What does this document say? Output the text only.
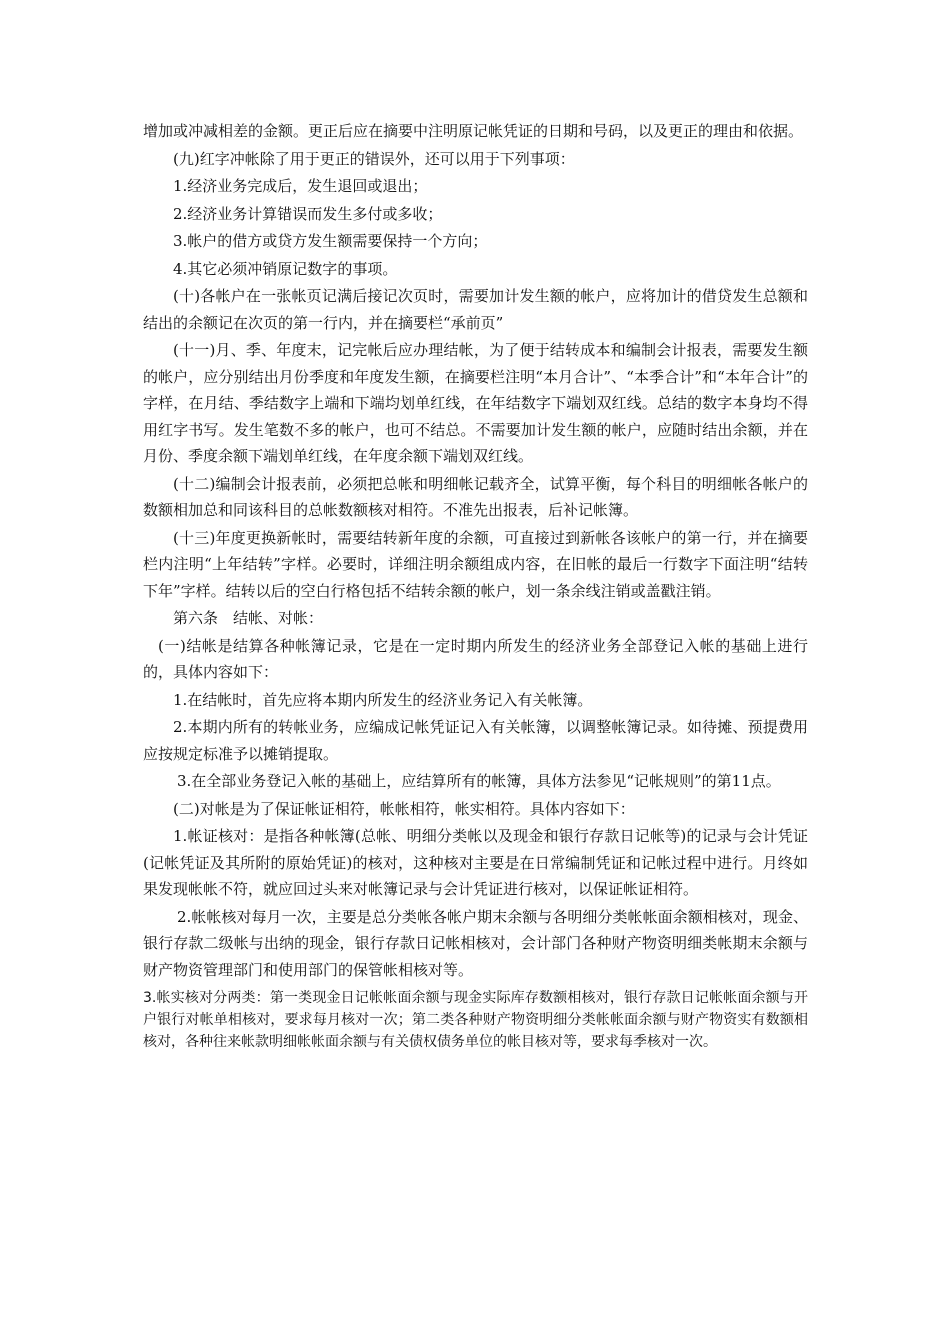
增加或冲减相差的金额。更正后应在摘要中注明原记帐凭证的日期和号码，以及更正的理由和依据。

(九)红字冲帐除了用于更正的错误外，还可以用于下列事项：

1.经济业务完成后，发生退回或退出；

2.经济业务计算错误而发生多付或多收；

3.帐户的借方或贷方发生额需要保持一个方向；

4.其它必须冲销原记数字的事项。

(十)各帐户在一张帐页记满后接记次页时，需要加计发生额的帐户，应将加计的借贷发生总额和结出的余额记在次页的第一行内，并在摘要栏“承前页”

(十一)月、季、年度末，记完帐后应办理结帐，为了便于结转成本和编制会计报表，需要发生额的帐户，应分别结出月份季度和年度发生额，在摘要栏注明“本月合计”、“本季合计”和“本年合计”的字样，在月结、季结数字上端和下端均划单红线，在年结数字下端划双红线。总结的数字本身均不得用红字书写。发生笔数不多的帐户，也可不结总。不需要加计发生额的帐户，应随时结出余额，并在月份、季度余额下端划单红线，在年度余额下端划双红线。

(十二)编制会计报表前，必须把总帐和明细帐记载齐全，试算平衡，每个科目的明细帐各帐户的数额相加总和同该科目的总帐数额核对相符。不准先出报表，后补记帐簿。

(十三)年度更换新帐时，需要结转新年度的余额，可直接过到新帐各该帐户的第一行，并在摘要栏内注明“上年结转”字样。必要时，详细注明余额组成内容，在旧帐的最后一行数字下面注明“结转下年”字样。结转以后的空白行格包括不结转余额的帐户，划一条余线注销或盖戳注销。

第六条　结帐、对帐：

(一)结帐是结算各种帐簿记录，它是在一定时期内所发生的经济业务全部登记入帐的基础上进行的，具体内容如下：

1.在结帐时，首先应将本期内所发生的经济业务记入有关帐簿。

2.本期内所有的转帐业务，应编成记帐凭证记入有关帐簿，以调整帐簿记录。如待摊、预提费用应按规定标准予以摊销提取。

3.在全部业务登记入帐的基础上，应结算所有的帐簿，具体方法参见“记帐规则”的第11点。

(二)对帐是为了保证帐证相符，帐帐相符，帐实相符。具体内容如下：

1.帐证核对：是指各种帐簿(总帐、明细分类帐以及现金和银行存款日记帐等)的记录与会计凭证(记帐凭证及其所附的原始凭证)的核对，这种核对主要是在日常编制凭证和记帐过程中进行。月终如果发现帐帐不符，就应回过头来对帐簿记录与会计凭证进行核对，以保证帐证相符。

2.帐帐核对每月一次，主要是总分类帐各帐户期末余额与各明细分类帐帐面余额相核对，现金、银行存款二级帐与出纳的现金，银行存款日记帐相核对，会计部门各种财产物资明细类帐期末余额与财产物资管理部门和使用部门的保管帐相核对等。

3.帐实核对分两类：第一类现金日记帐帐面余额与现金实际库存数额相核对，银行存款日记帐帐面余额与开户银行对帐单相核对，要求每月核对一次；第二类各种财产物资明细分类帐帐面余额与财产物资实有数额相核对，各种往来帐款明细帐帐面余额与有关债权债务单位的帐目核对等，要求每季核对一次。
